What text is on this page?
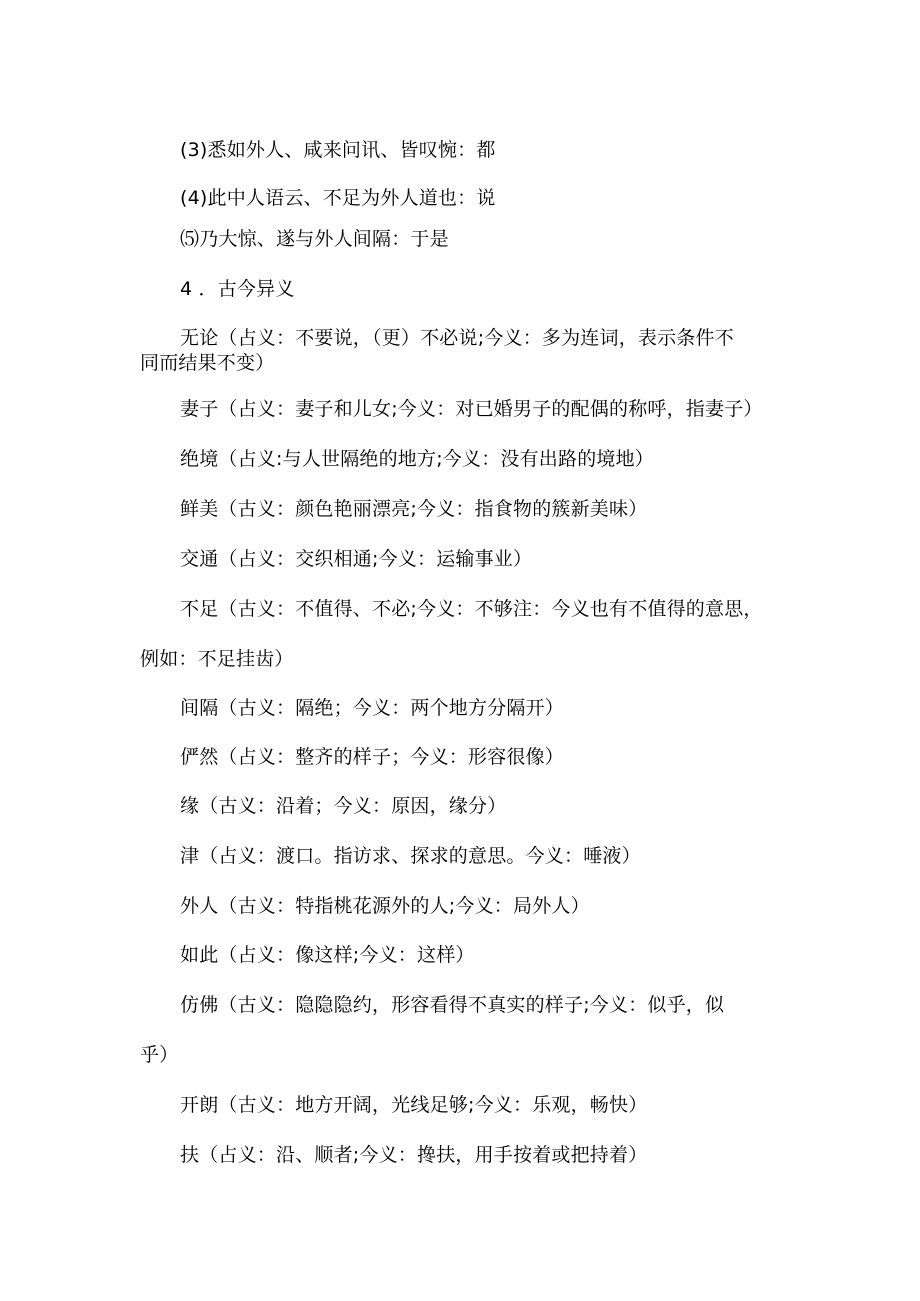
(3)悉如外人、咸来问讯、皆叹惋：都
(4)此中人语云、不足为外人道也：说
⑸乃大惊、遂与外人间隔：于是
4 ．古今异义
无论（占义：不要说，（更）不必说;今义：多为连词，表示条件不
同而结果不变）
妻子（占义：妻子和儿女;今义：对已婚男子的配偶的称呼，指妻子）
绝境（占义:与人世隔绝的地方;今义：没有出路的境地）
鲜美（古义：颜色艳丽漂亮;今义：指食物的簇新美味）
交通（占义：交织相通;今义：运输事业）
不足（古义：不值得、不必;今义：不够注：今义也有不值得的意思，
例如：不足挂齿）
间隔（古义：隔绝；今义：两个地方分隔开）
俨然（占义：整齐的样子；今义：形容很像）
缘（古义：沿着；今义：原因，缘分）
津（占义：渡口。指访求、探求的意思。今义：唾液）
外人（古义：特指桃花源外的人;今义：局外人）
如此（占义：像这样;今义：这样）
仿佛（古义：隐隐隐约，形容看得不真实的样子;今义：似乎，似
乎）
开朗（古义：地方开阔，光线足够;今义：乐观，畅快）
扶（占义：沿、顺者;今义：搀扶，用手按着或把持着）
